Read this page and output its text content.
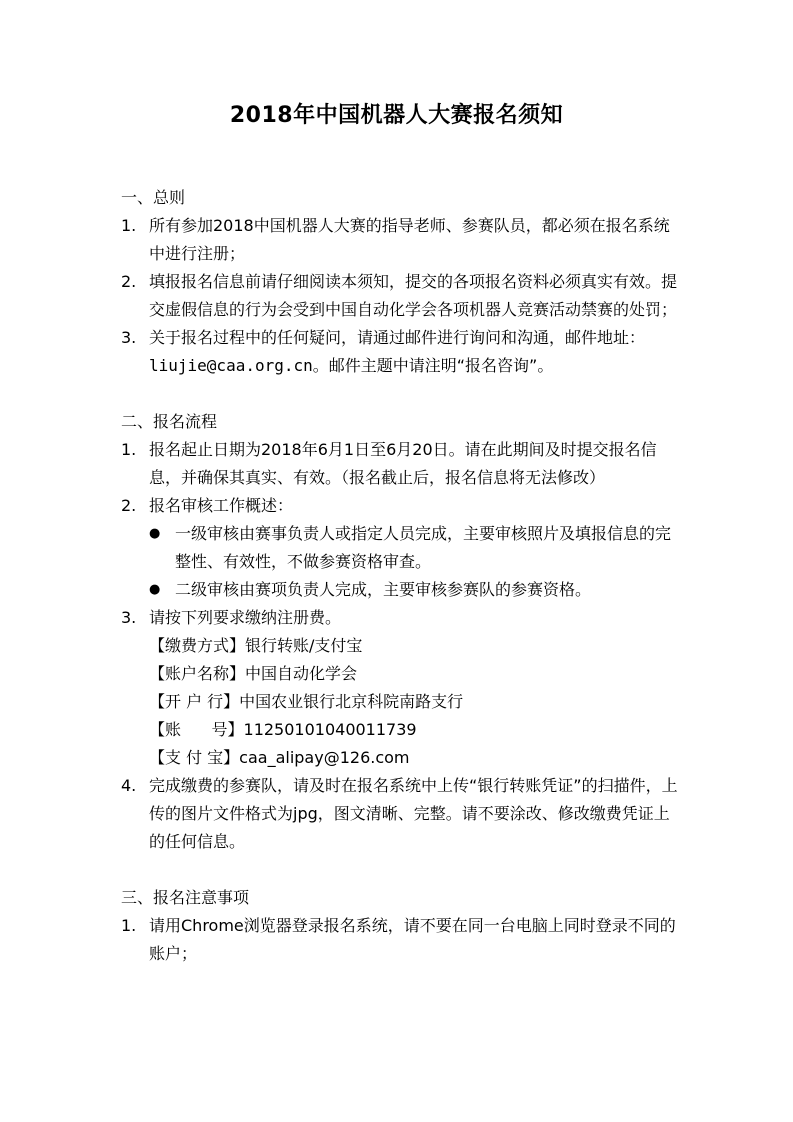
2018年中国机器人大赛报名须知

一、总则

1. 所有参加2018中国机器人大赛的指导老师、参赛队员，都必须在报名系统中进行注册；

2. 填报报名信息前请仔细阅读本须知，提交的各项报名资料必须真实有效。提交虚假信息的行为会受到中国自动化学会各项机器人竞赛活动禁赛的处罚；

3. 关于报名过程中的任何疑问，请通过邮件进行询问和沟通，邮件地址：liujie@caa.org.cn。邮件主题中请注明“报名咨询”。

二、报名流程

1. 报名起止日期为2018年6月1日至6月20日。请在此期间及时提交报名信息，并确保其真实、有效。（报名截止后，报名信息将无法修改）

2. 报名审核工作概述：

● 一级审核由赛事负责人或指定人员完成，主要审核照片及填报信息的完整性、有效性，不做参赛资格审查。

● 二级审核由赛项负责人完成，主要审核参赛队的参赛资格。

3. 请按下列要求缴纳注册费。

【缴费方式】银行转账/支付宝

【账户名称】中国自动化学会

【开 户 行】中国农业银行北京科院南路支行

【账      号】11250101040011739

【支 付 宝】caa_alipay@126.com

4. 完成缴费的参赛队，请及时在报名系统中上传“银行转账凭证”的扫描件，上传的图片文件格式为jpg，图文清晰、完整。请不要涂改、修改缴费凭证上的任何信息。

三、报名注意事项

1. 请用Chrome浏览器登录报名系统，请不要在同一台电脑上同时登录不同的账户；
